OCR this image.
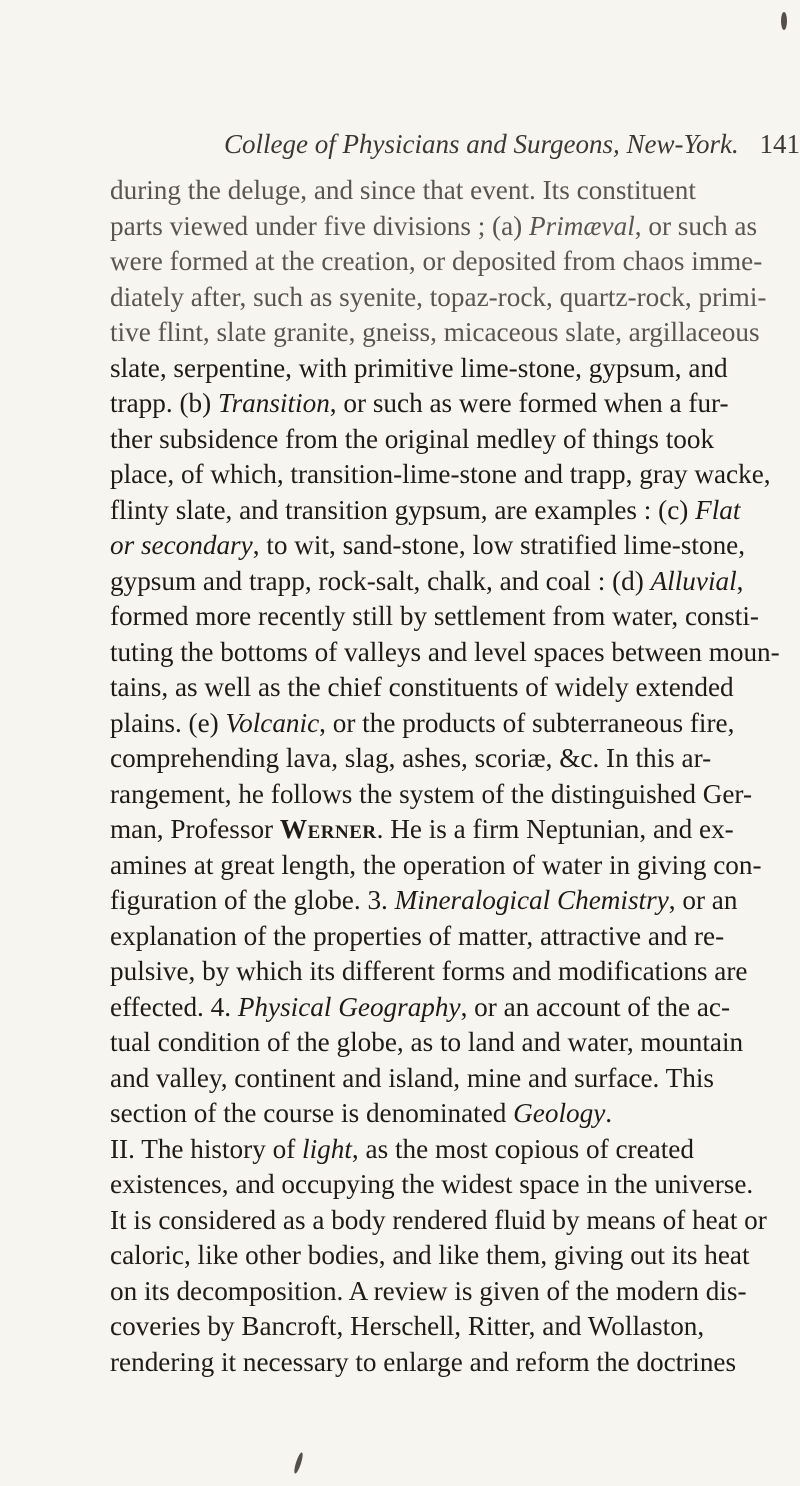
College of Physicians and Surgeons, New-York. 141
during the deluge, and since that event. Its constituent
parts viewed under five divisions ; (a) Primæval, or such as
were formed at the creation, or deposited from chaos imme-
diately after, such as syenite, topaz-rock, quartz-rock, primi-
tive flint, slate granite, gneiss, micaceous slate, argillaceous
slate, serpentine, with primitive lime-stone, gypsum, and
trapp. (b) Transition, or such as were formed when a fur-
ther subsidence from the original medley of things took
place, of which, transition-lime-stone and trapp, gray wacke,
flinty slate, and transition gypsum, are examples : (c) Flat
or secondary, to wit, sand-stone, low stratified lime-stone,
gypsum and trapp, rock-salt, chalk, and coal : (d) Alluvial,
formed more recently still by settlement from water, consti-
tuting the bottoms of valleys and level spaces between moun-
tains, as well as the chief constituents of widely extended
plains. (e) Volcanic, or the products of subterraneous fire,
comprehending lava, slag, ashes, scoriæ, &c. In this ar-
rangement, he follows the system of the distinguished Ger-
man, Professor Werner. He is a firm Neptunian, and ex-
amines at great length, the operation of water in giving con-
figuration of the globe. 3. Mineralogical Chemistry, or an
explanation of the properties of matter, attractive and re-
pulsive, by which its different forms and modifications are
effected. 4. Physical Geography, or an account of the ac-
tual condition of the globe, as to land and water, mountain
and valley, continent and island, mine and surface. This
section of the course is denominated Geology.
II. The history of light, as the most copious of created
existences, and occupying the widest space in the universe.
It is considered as a body rendered fluid by means of heat or
caloric, like other bodies, and like them, giving out its heat
on its decomposition. A review is given of the modern dis-
coveries by Bancroft, Herschell, Ritter, and Wollaston,
rendering it necessary to enlarge and reform the doctrines
